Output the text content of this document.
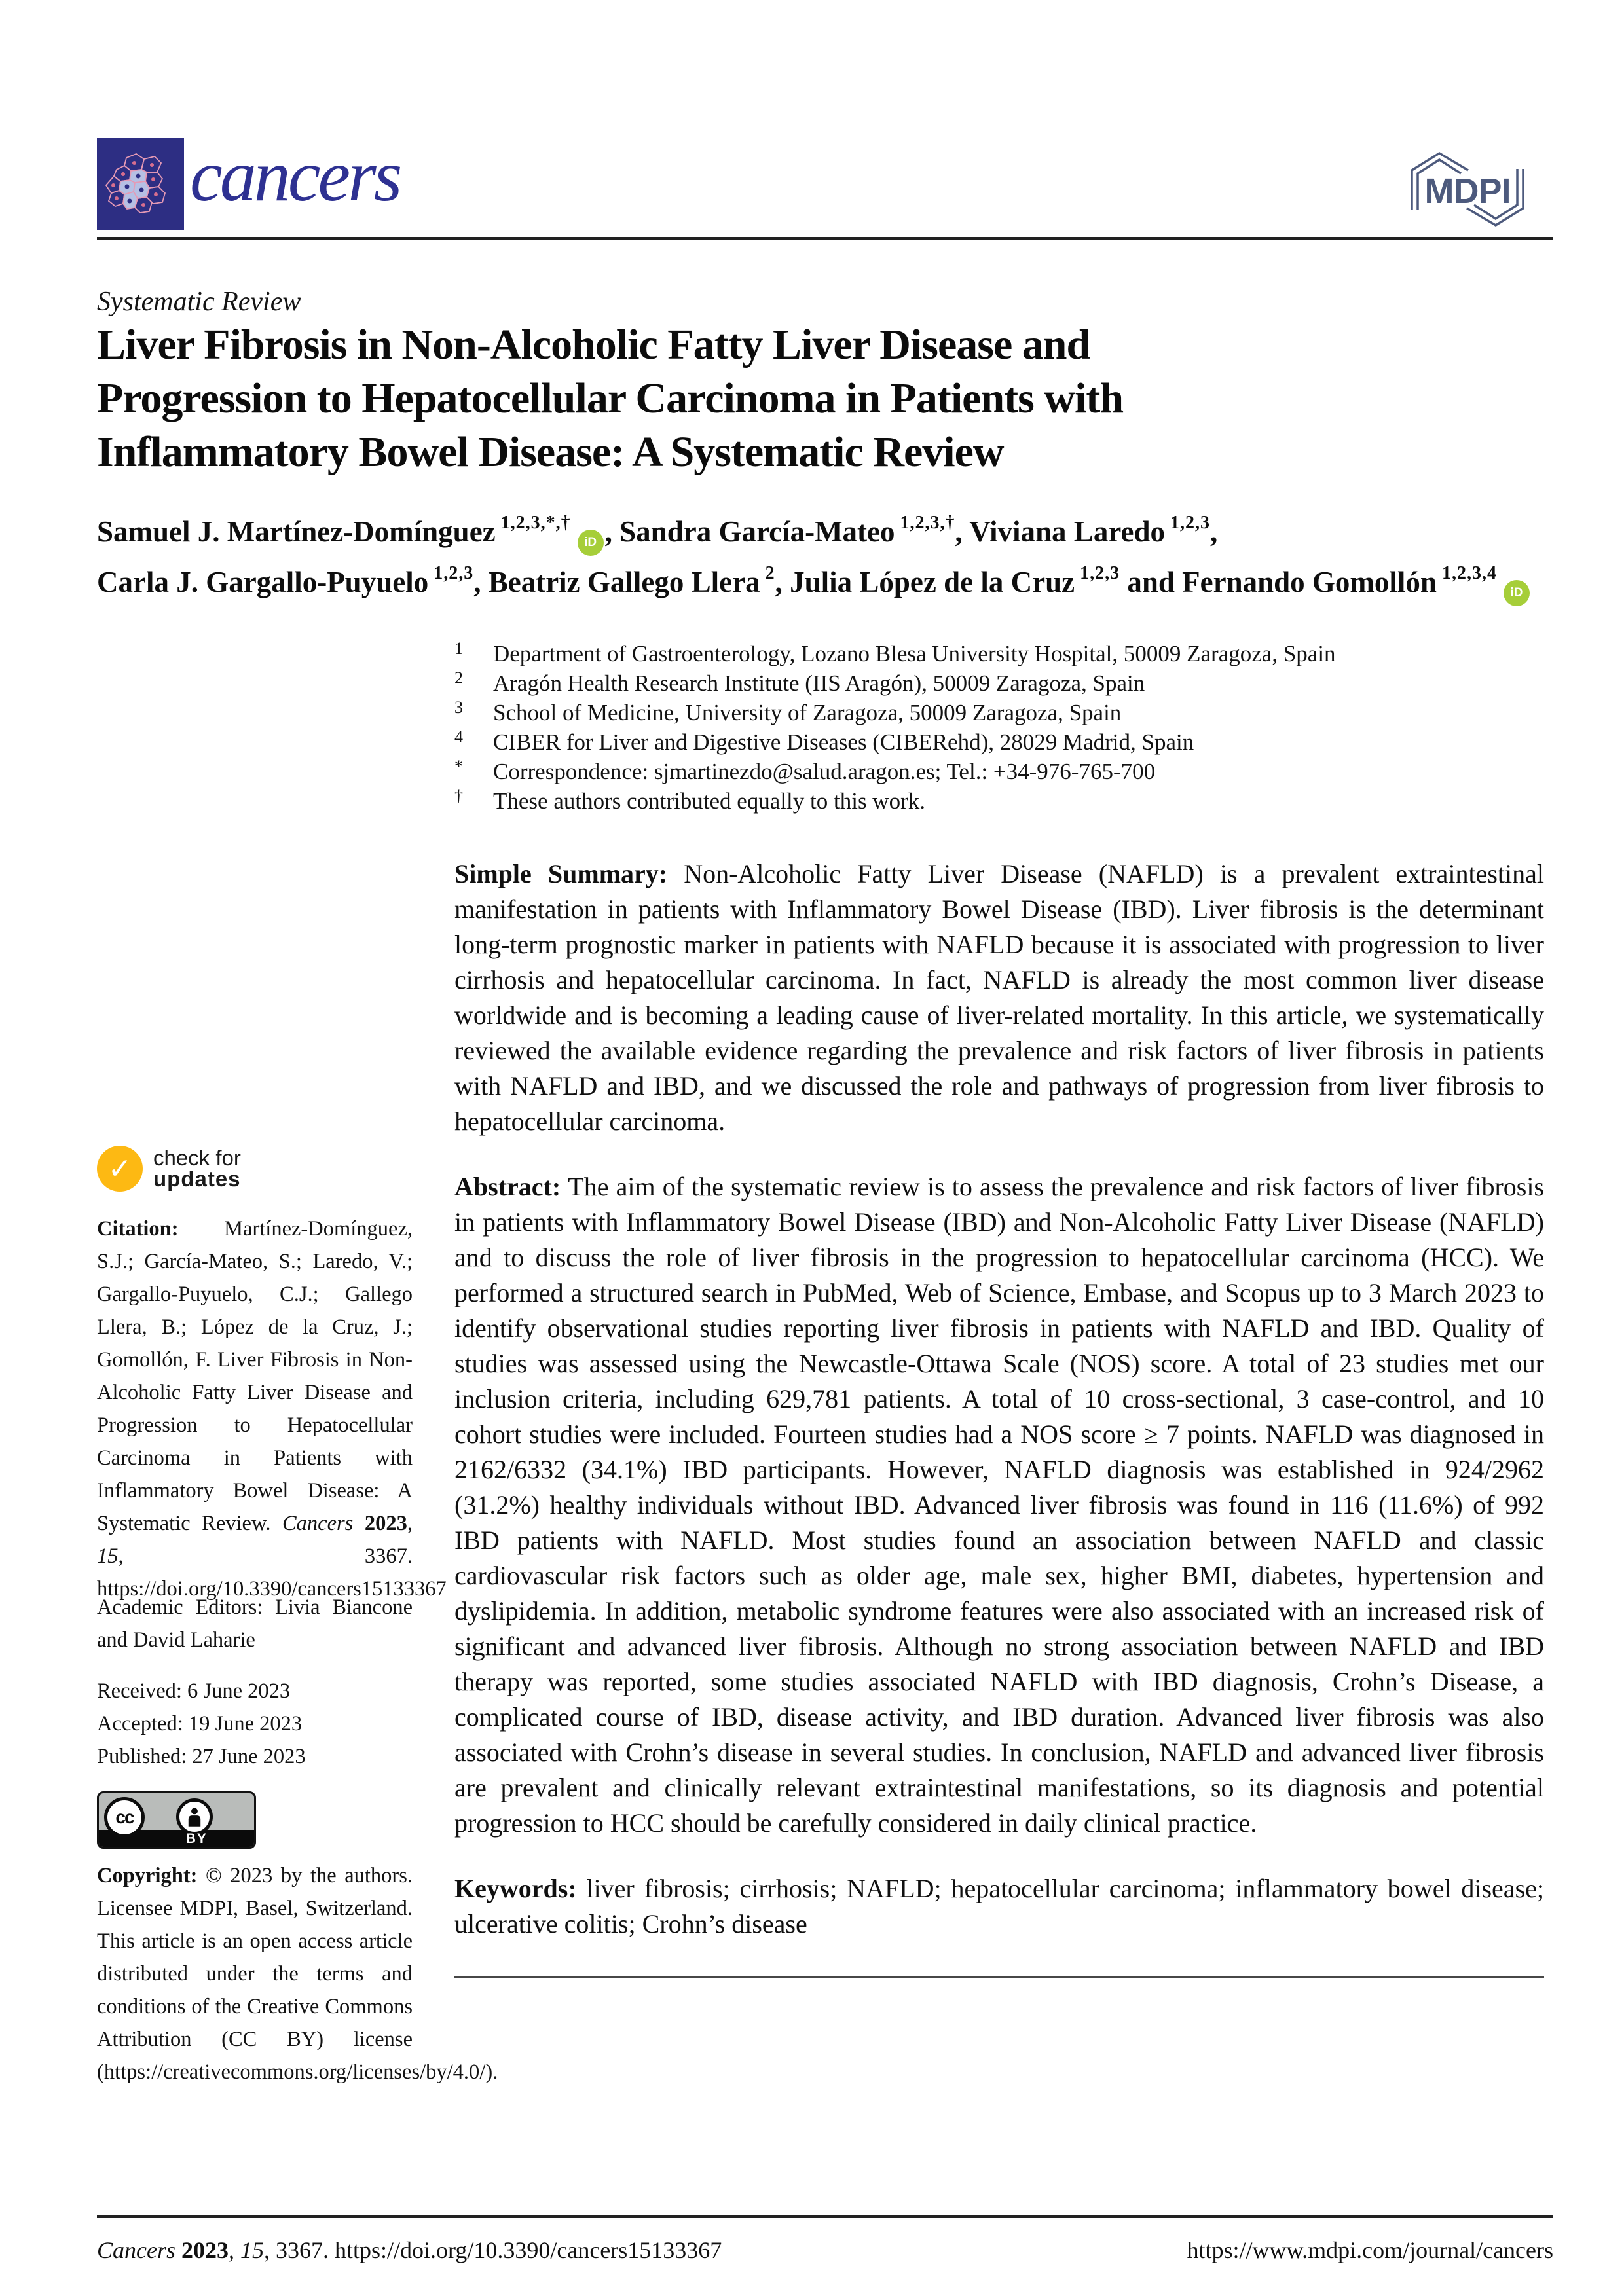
cancers	MDPI
Systematic Review
Liver Fibrosis in Non-Alcoholic Fatty Liver Disease and
Progression to Hepatocellular Carcinoma in Patients with
Inflammatory Bowel Disease: A Systematic Review
Samuel J. Martínez-Domínguez $^{1,2,3,*,\dagger}$iD , Sandra García-Mateo $^{1,2,3,\dagger}$, Viviana Laredo $^{1,2,3}$,
Carla J. Gargallo-Puyuelo $^{1,2,3}$, Beatriz Gallego Llera $^2$, Julia López de la Cruz $^{1,2,3}$ and Fernando Gomollón $^{1,2,3,4}$iD
1	Department of Gastroenterology, Lozano Blesa University Hospital, 50009 Zaragoza, Spain
2	Aragón Health Research Institute (IIS Aragón), 50009 Zaragoza, Spain
3	School of Medicine, University of Zaragoza, 50009 Zaragoza, Spain
4	CIBER for Liver and Digestive Diseases (CIBERehd), 28029 Madrid, Spain
*	Correspondence: sjmartinezdo@salud.aragon.es; Tel.: +34-976-765-700
†	These authors contributed equally to this work.
Simple Summary: Non-Alcoholic Fatty Liver Disease (NAFLD) is a prevalent extraintestinal manifestation in patients with Inflammatory Bowel Disease (IBD). Liver fibrosis is the determinant long-term prognostic marker in patients with NAFLD because it is associated with progression to liver cirrhosis and hepatocellular carcinoma. In fact, NAFLD is already the most common liver disease worldwide and is becoming a leading cause of liver-related mortality. In this article, we systematically reviewed the available evidence regarding the prevalence and risk factors of liver fibrosis in patients with NAFLD and IBD, and we discussed the role and pathways of progression from liver fibrosis to hepatocellular carcinoma.
Abstract: The aim of the systematic review is to assess the prevalence and risk factors of liver fibrosis in patients with Inflammatory Bowel Disease (IBD) and Non-Alcoholic Fatty Liver Disease (NAFLD) and to discuss the role of liver fibrosis in the progression to hepatocellular carcinoma (HCC). We performed a structured search in PubMed, Web of Science, Embase, and Scopus up to 3 March 2023 to identify observational studies reporting liver fibrosis in patients with NAFLD and IBD. Quality of studies was assessed using the Newcastle-Ottawa Scale (NOS) score. A total of 23 studies met our inclusion criteria, including 629,781 patients. A total of 10 cross-sectional, 3 case-control, and 10 cohort studies were included. Fourteen studies had a NOS score ≥ 7 points. NAFLD was diagnosed in 2162/6332 (34.1%) IBD participants. However, NAFLD diagnosis was established in 924/2962 (31.2%) healthy individuals without IBD. Advanced liver fibrosis was found in 116 (11.6%) of 992 IBD patients with NAFLD. Most studies found an association between NAFLD and classic cardiovascular risk factors such as older age, male sex, higher BMI, diabetes, hypertension and dyslipidemia. In addition, metabolic syndrome features were also associated with an increased risk of significant and advanced liver fibrosis. Although no strong association between NAFLD and IBD therapy was reported, some studies associated NAFLD with IBD diagnosis, Crohn’s Disease, a complicated course of IBD, disease activity, and IBD duration. Advanced liver fibrosis was also associated with Crohn’s disease in several studies. In conclusion, NAFLD and advanced liver fibrosis are prevalent and clinically relevant extraintestinal manifestations, so its diagnosis and potential progression to HCC should be carefully considered in daily clinical practice.
Keywords: liver fibrosis; cirrhosis; NAFLD; hepatocellular carcinoma; inflammatory bowel disease; ulcerative colitis; Crohn’s disease
✓ check for
updates
Citation: Martínez-Domínguez, S.J.; García-Mateo, S.; Laredo, V.; Gargallo-Puyuelo, C.J.; Gallego Llera, B.; López de la Cruz, J.; Gomollón, F. Liver Fibrosis in Non-Alcoholic Fatty Liver Disease and Progression to Hepatocellular Carcinoma in Patients with Inflammatory Bowel Disease: A Systematic Review. Cancers 2023, 15, 3367. https://doi.org/10.3390/cancers15133367
Academic Editors: Livia Biancone and David Laharie
Received: 6 June 2023
Accepted: 19 June 2023
Published: 27 June 2023
BY
cc
Copyright: © 2023 by the authors. Licensee MDPI, Basel, Switzerland. This article is an open access article distributed under the terms and conditions of the Creative Commons Attribution (CC BY) license (https://creativecommons.org/licenses/by/4.0/).
Cancers 2023, 15, 3367. https://doi.org/10.3390/cancers15133367	https://www.mdpi.com/journal/cancers
